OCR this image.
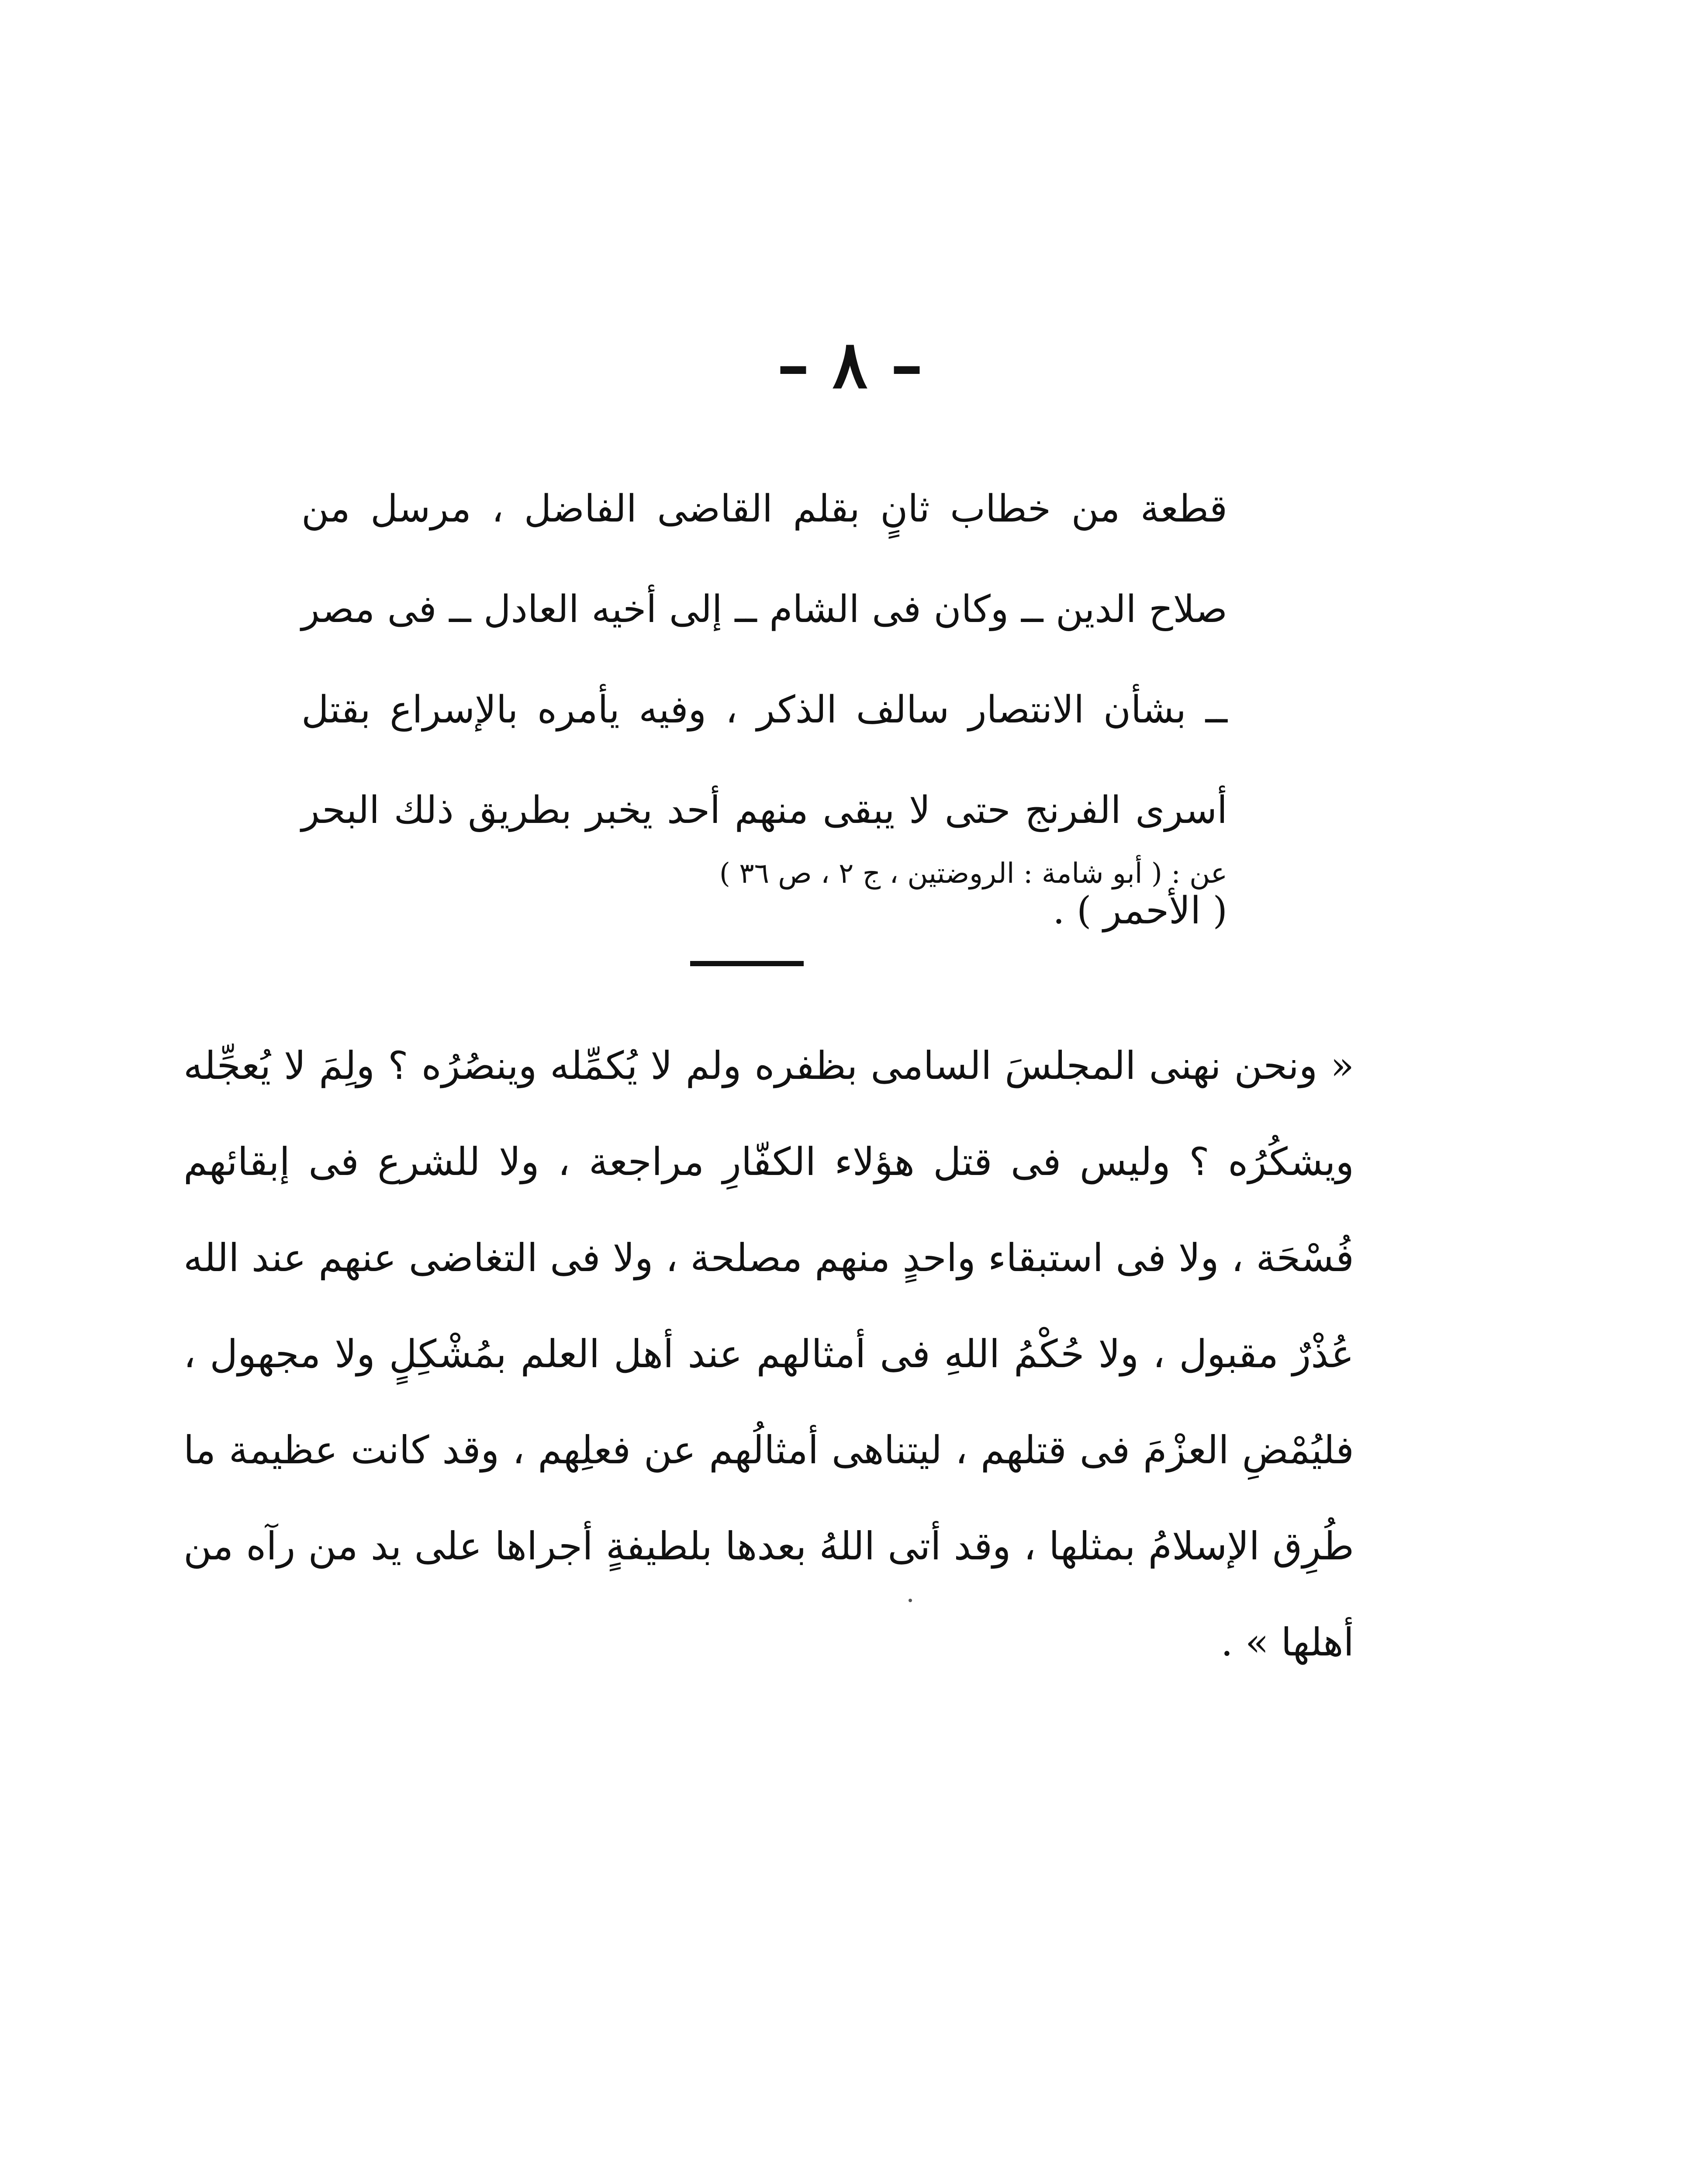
– ٨ –

قطعة من خطاب ثانٍ بقلم القاضى الفاضل ، مرسل من صلاح الدين ــ وكان فى الشام ــ إلى أخيه العادل ــ فى مصر ــ بشأن الانتصار سالف الذكر ، وفيه يأمره بالإسراع بقتل أسرى الفرنج حتى لا يبقى منهم أحد يخبر بطريق ذلك البحر ( الأحمر ) .

عن : ( أبو شامة : الروضتين ، ج ٢ ، ص ٣٦ )

« ونحن نهنى المجلسَ السامى بظفره ولم لا يُكمِّله وينصُرُه ؟ ولِمَ لا يُعجِّله ويشكُرُه ؟ وليس فى قتل هؤلاء الكفّارِ مراجعة ، ولا للشرع فى إبقائهم فُسْحَة ، ولا فى استبقاء واحدٍ منهم مصلحة ، ولا فى التغاضى عنهم عند الله عُذْرٌ مقبول ، ولا حُكْمُ اللهِ فى أمثالهم عند أهل العلم بمُشْكِلٍ ولا مجهول ، فليُمْضِ العزْمَ فى قتلهم ، ليتناهى أمثالُهم عن فعلِهم ، وقد كانت عظيمة ما طُرِق الإسلامُ بمثلها ، وقد أتى اللهُ بعدها بلطيفةٍ أجراها على يد من رآه من أهلها » .
